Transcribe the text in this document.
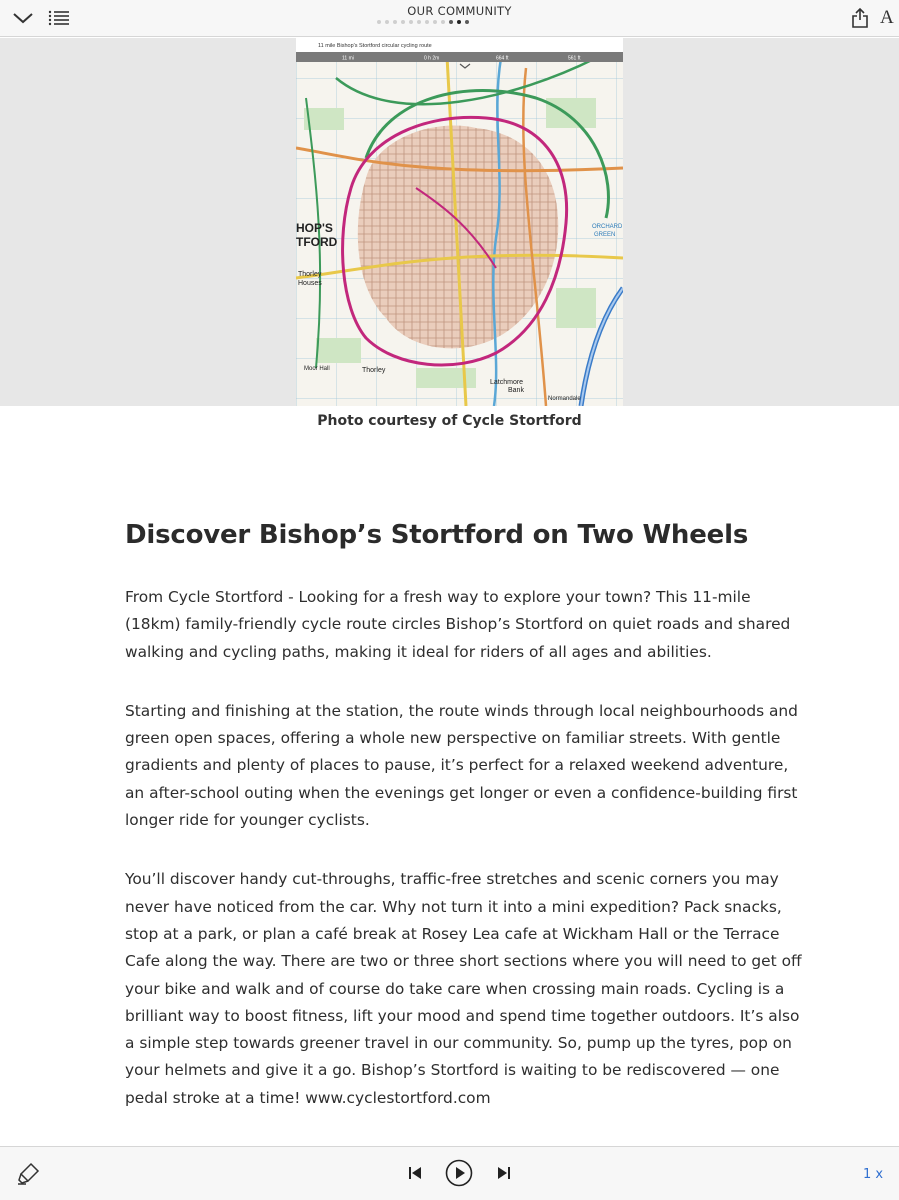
OUR COMMUNITY	A
11 mile Bishop's Stortford circular cycling route
11 mi	0 h 2m	664 ft	561 ft
HOP'S
TFORD
Thorley
Houses
Moor Hall	Thorley
Latchmore
Bank
Normandale
ORCHARD
GREEN
Photo courtesy of Cycle Stortford
Discover Bishop’s Stortford on Two Wheels

From Cycle Stortford - Looking for a fresh way to explore your town? This 11-mile (18km) family-friendly cycle route circles Bishop’s Stortford on quiet roads and shared walking and cycling paths, making it ideal for riders of all ages and abilities.

Starting and finishing at the station, the route winds through local neighbourhoods and green open spaces, offering a whole new perspective on familiar streets. With gentle gradients and plenty of places to pause, it’s perfect for a relaxed weekend adventure, an after-school outing when the evenings get longer or even a confidence-building first longer ride for younger cyclists.

You’ll discover handy cut-throughs, traffic-free stretches and scenic corners you may never have noticed from the car. Why not turn it into a mini expedition? Pack snacks, stop at a park, or plan a café break at Rosey Lea cafe at Wickham Hall or the Terrace Cafe along the way. There are two or three short sections where you will need to get off your bike and walk and of course do take care when crossing main roads. Cycling is a brilliant way to boost fitness, lift your mood and spend time together outdoors. It’s also a simple step towards greener travel in our community. So, pump up the tyres, pop on your helmets and give it a go. Bishop’s Stortford is waiting to be rediscovered — one pedal stroke at a time! www.cyclestortford.com

1 x
